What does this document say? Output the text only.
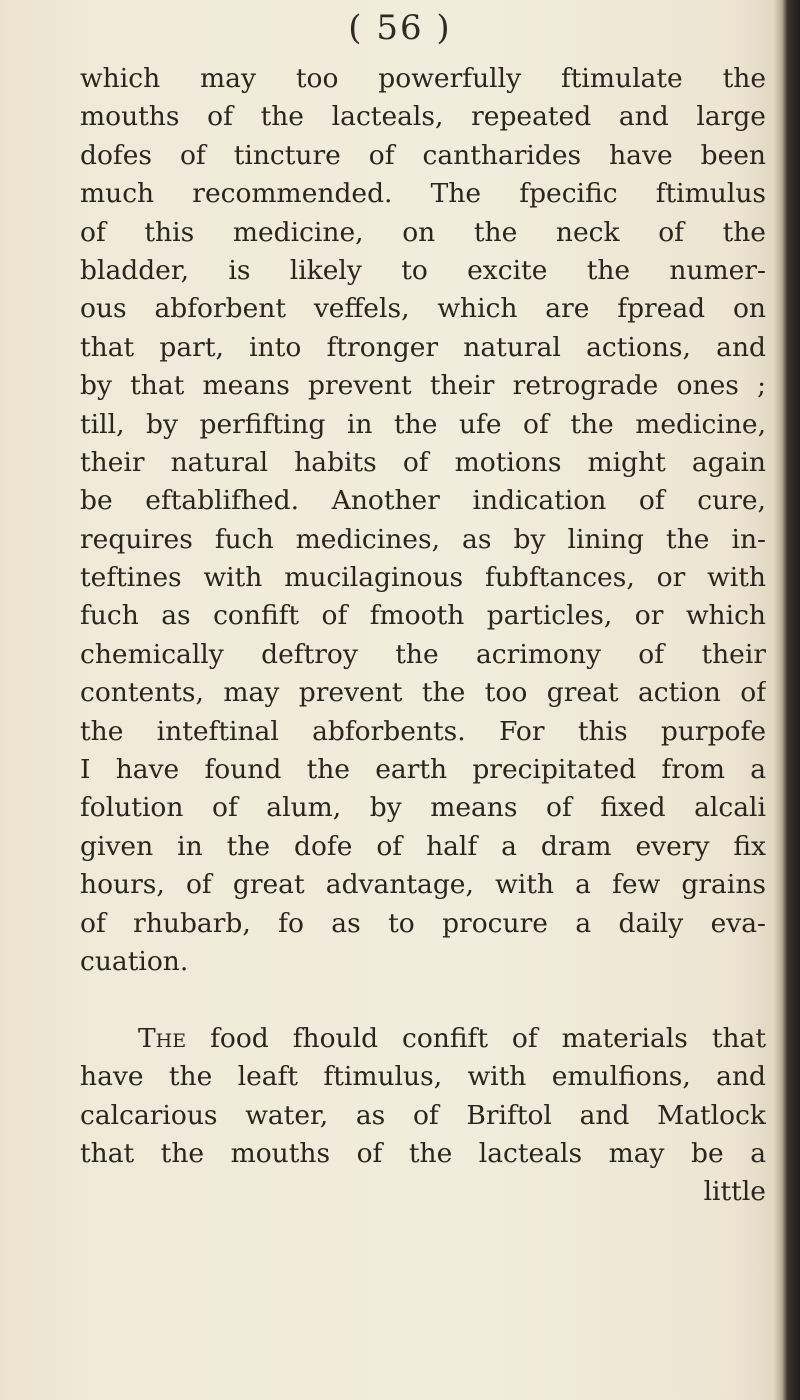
( 56 )
which may too powerfully ftimulate the
mouths of the lacteals, repeated and large
dofes of tincture of cantharides have been
much recommended. The fpecific ftimulus
of this medicine, on the neck of the
bladder, is likely to excite the numer-
ous abforbent veffels, which are fpread on
that part, into ftronger natural actions, and
by that means prevent their retrograde ones ;
till, by perfifting in the ufe of the medicine,
their natural habits of motions might again
be eftablifhed. Another indication of cure,
requires fuch medicines, as by lining the in-
teftines with mucilaginous fubftances, or with
fuch as confift of fmooth particles, or which
chemically deftroy the acrimony of their
contents, may prevent the too great action of
the inteftinal abforbents. For this purpofe
I have found the earth precipitated from a
folution of alum, by means of fixed alcali
given in the dofe of half a dram every fix
hours, of great advantage, with a few grains
of rhubarb, fo as to procure a daily eva-
cuation.
The food fhould confift of materials that
have the leaft ftimulus, with emulfions, and
calcarious water, as of Briftol and Matlock
that the mouths of the lacteals may be a
little
